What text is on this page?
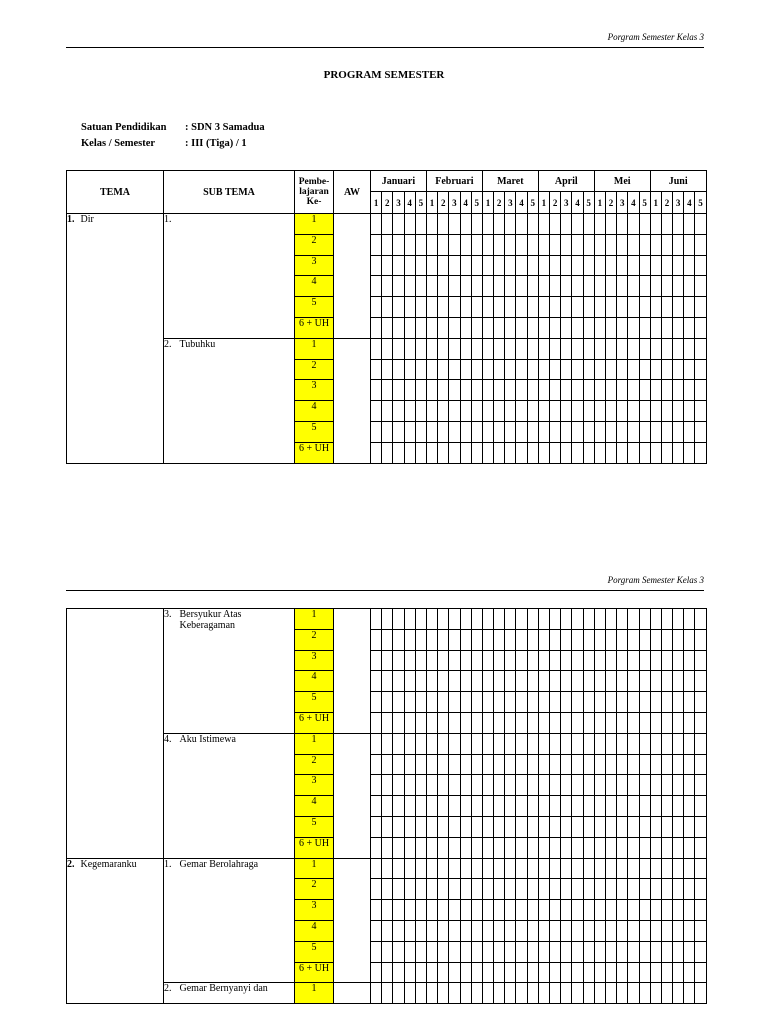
Porgram Semester Kelas 3
PROGRAM SEMESTER
Satuan Pendidikan	: SDN 3 Samadua
Kelas / Semester	: III (Tiga) / 1
TEMA	SUB TEMA	Pembe-lajaran Ke-	AW	Januari					Februari					Maret					April					Mei					Juni				
				1	2	3	4	5	1	2	3	4	5	1	2	3	4	5	1	2	3	4	5	1	2	3	4	5	1	2	3	4	5
1. Dir	1.	1																															
		2																															
		3																															
		4																															
		5																															
		6 + UH																															
	2. Tubuhku	1																															
		2																															
		3																															
		4																															
		5																															
		6 + UH																															
Porgram Semester Kelas 3
	3. Bersyukur Atas Keberagaman	1																															
		2																															
		3																															
		4																															
		5																															
		6 + UH																															
	4. Aku Istimewa	1																															
		2																															
		3																															
		4																															
		5																															
		6 + UH																															
2. Kegemaranku	1. Gemar Berolahraga	1																															
		2																															
		3																															
		4																															
		5																															
		6 + UH																															
	2. Gemar Bernyanyi dan	1																															
